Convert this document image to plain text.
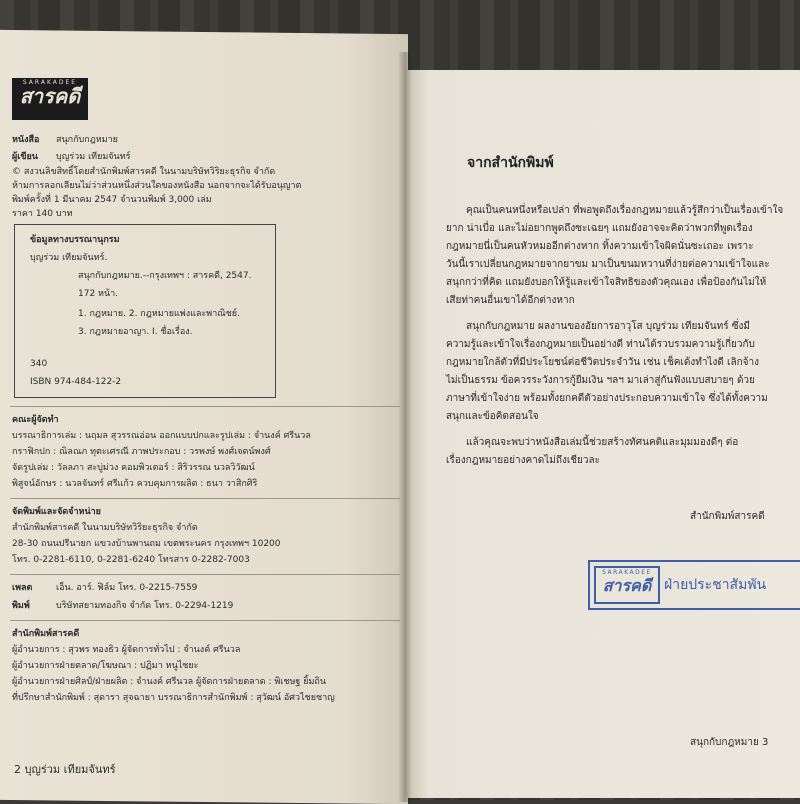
SARAKADEE
สารคดี
หนังสือ สนุกกับกฎหมาย
ผู้เขียน บุญร่วม เทียมจันทร์
© สงวนลิขสิทธิ์โดยสำนักพิมพ์สารคดี ในนามบริษัทวิริยะธุรกิจ จำกัด
ห้ามการลอกเลียนไม่ว่าส่วนหนึ่งส่วนใดของหนังสือ นอกจากจะได้รับอนุญาต
พิมพ์ครั้งที่ 1 มีนาคม 2547 จำนวนพิมพ์ 3,000 เล่ม
ราคา 140 บาท
ข้อมูลทางบรรณานุกรม
บุญร่วม เทียมจันทร์.
สนุกกับกฎหมาย.--กรุงเทพฯ : สารคดี, 2547.
172 หน้า.
1. กฎหมาย. 2. กฎหมายแพ่งและพาณิชย์.
3. กฎหมายอาญา. I. ชื่อเรื่อง.
340
ISBN 974-484-122-2
คณะผู้จัดทำ
บรรณาธิการเล่ม : นฤมล สุวรรณอ่อน ออกแบบปกและรูปเล่ม : จำนงค์ ศรีนวล
กราฟิกปก : ณิลณภ ทุตะเศรณี ภาพประกอบ : วรพงษ์ พงศ์เจตน์พงศ์
จัดรูปเล่ม : วัลลภา สะบู่ม่วง คอมพิวเตอร์ : สิริวรรณ นวลวิวัฒน์
พิสูจน์อักษร : นวลจันทร์ ศรีแก้ว ควบคุมการผลิต : ธนา วาสิกศิริ
จัดพิมพ์และจัดจำหน่าย
สำนักพิมพ์สารคดี ในนามบริษัทวิริยะธุรกิจ จำกัด
28-30 ถนนปรีนายก แขวงบ้านพานถม เขตพระนคร กรุงเทพฯ 10200
โทร. 0-2281-6110, 0-2281-6240 โทรสาร 0-2282-7003
เพลต	เอ็น. อาร์. ฟิล์ม โทร. 0-2215-7559
พิมพ์	บริษัทสยามทองกิจ จำกัด โทร. 0-2294-1219
สำนักพิมพ์สารคดี
ผู้อำนวยการ : สุวพร ทองธิว ผู้จัดการทั่วไป : จำนงค์ ศรีนวล
ผู้อำนวยการฝ่ายตลาด/โฆษณา : ปฏิมา หนูไชยะ
ผู้อำนวยการฝ่ายศิลป์/ฝ่ายผลิต : จำนงค์ ศรีนวล ผู้จัดการฝ่ายตลาด : พิเชษฐ ยิ้มถิน
ที่ปรึกษาสำนักพิมพ์ : สุดารา สุจฉายา บรรณาธิการสำนักพิมพ์ : สุวัฒน์ อัศวไชยชาญ
2 บุญร่วม เทียมจันทร์
จากสำนักพิมพ์
คุณเป็นคนหนึ่งหรือเปล่า ที่พอพูดถึงเรื่องกฎหมายแล้วรู้สึกว่าเป็นเรื่องเข้าใจ
ยาก น่าเบื่อ และไม่อยากพูดถึงซะเฉยๆ แถมยังอาจจะคิดว่าพวกที่พูดเรื่อง
กฎหมายนี่เป็นคนหัวหมออีกต่างหาก ทิ้งความเข้าใจผิดนั่นซะเถอะ เพราะ
วันนี้เราเปลี่ยนกฎหมายจากยาขม มาเป็นขนมหวานที่ง่ายต่อความเข้าใจและ
สนุกกว่าที่คิด แถมยังบอกให้รู้และเข้าใจสิทธิของตัวคุณเอง เพื่อป้องกันไม่ให้
เสียท่าคนอื่นเขาได้อีกต่างหาก
สนุกกับกฎหมาย ผลงานของอัยการอาวุโส บุญร่วม เทียมจันทร์ ซึ่งมี
ความรู้และเข้าใจเรื่องกฎหมายเป็นอย่างดี ท่านได้รวบรวมความรู้เกี่ยวกับ
กฎหมายใกล้ตัวที่มีประโยชน์ต่อชีวิตประจำวัน เช่น เช็คเด้งทำไงดี เลิกจ้าง
ไม่เป็นธรรม ข้อควรระวังการกู้ยืมเงิน ฯลฯ มาเล่าสู่กันฟังแบบสบายๆ ด้วย
ภาษาที่เข้าใจง่าย พร้อมทั้งยกคดีตัวอย่างประกอบความเข้าใจ ซึ่งได้ทั้งความ
สนุกและข้อคิดสอนใจ
แล้วคุณจะพบว่าหนังสือเล่มนี้ช่วยสร้างทัศนคติและมุมมองดีๆ ต่อ
เรื่องกฎหมายอย่างคาดไม่ถึงเชียวละ
สำนักพิมพ์สารคดี
SARAKADEE
สารคดี ฝ่ายประชาสัมพัน
สนุกกับกฎหมาย 3
